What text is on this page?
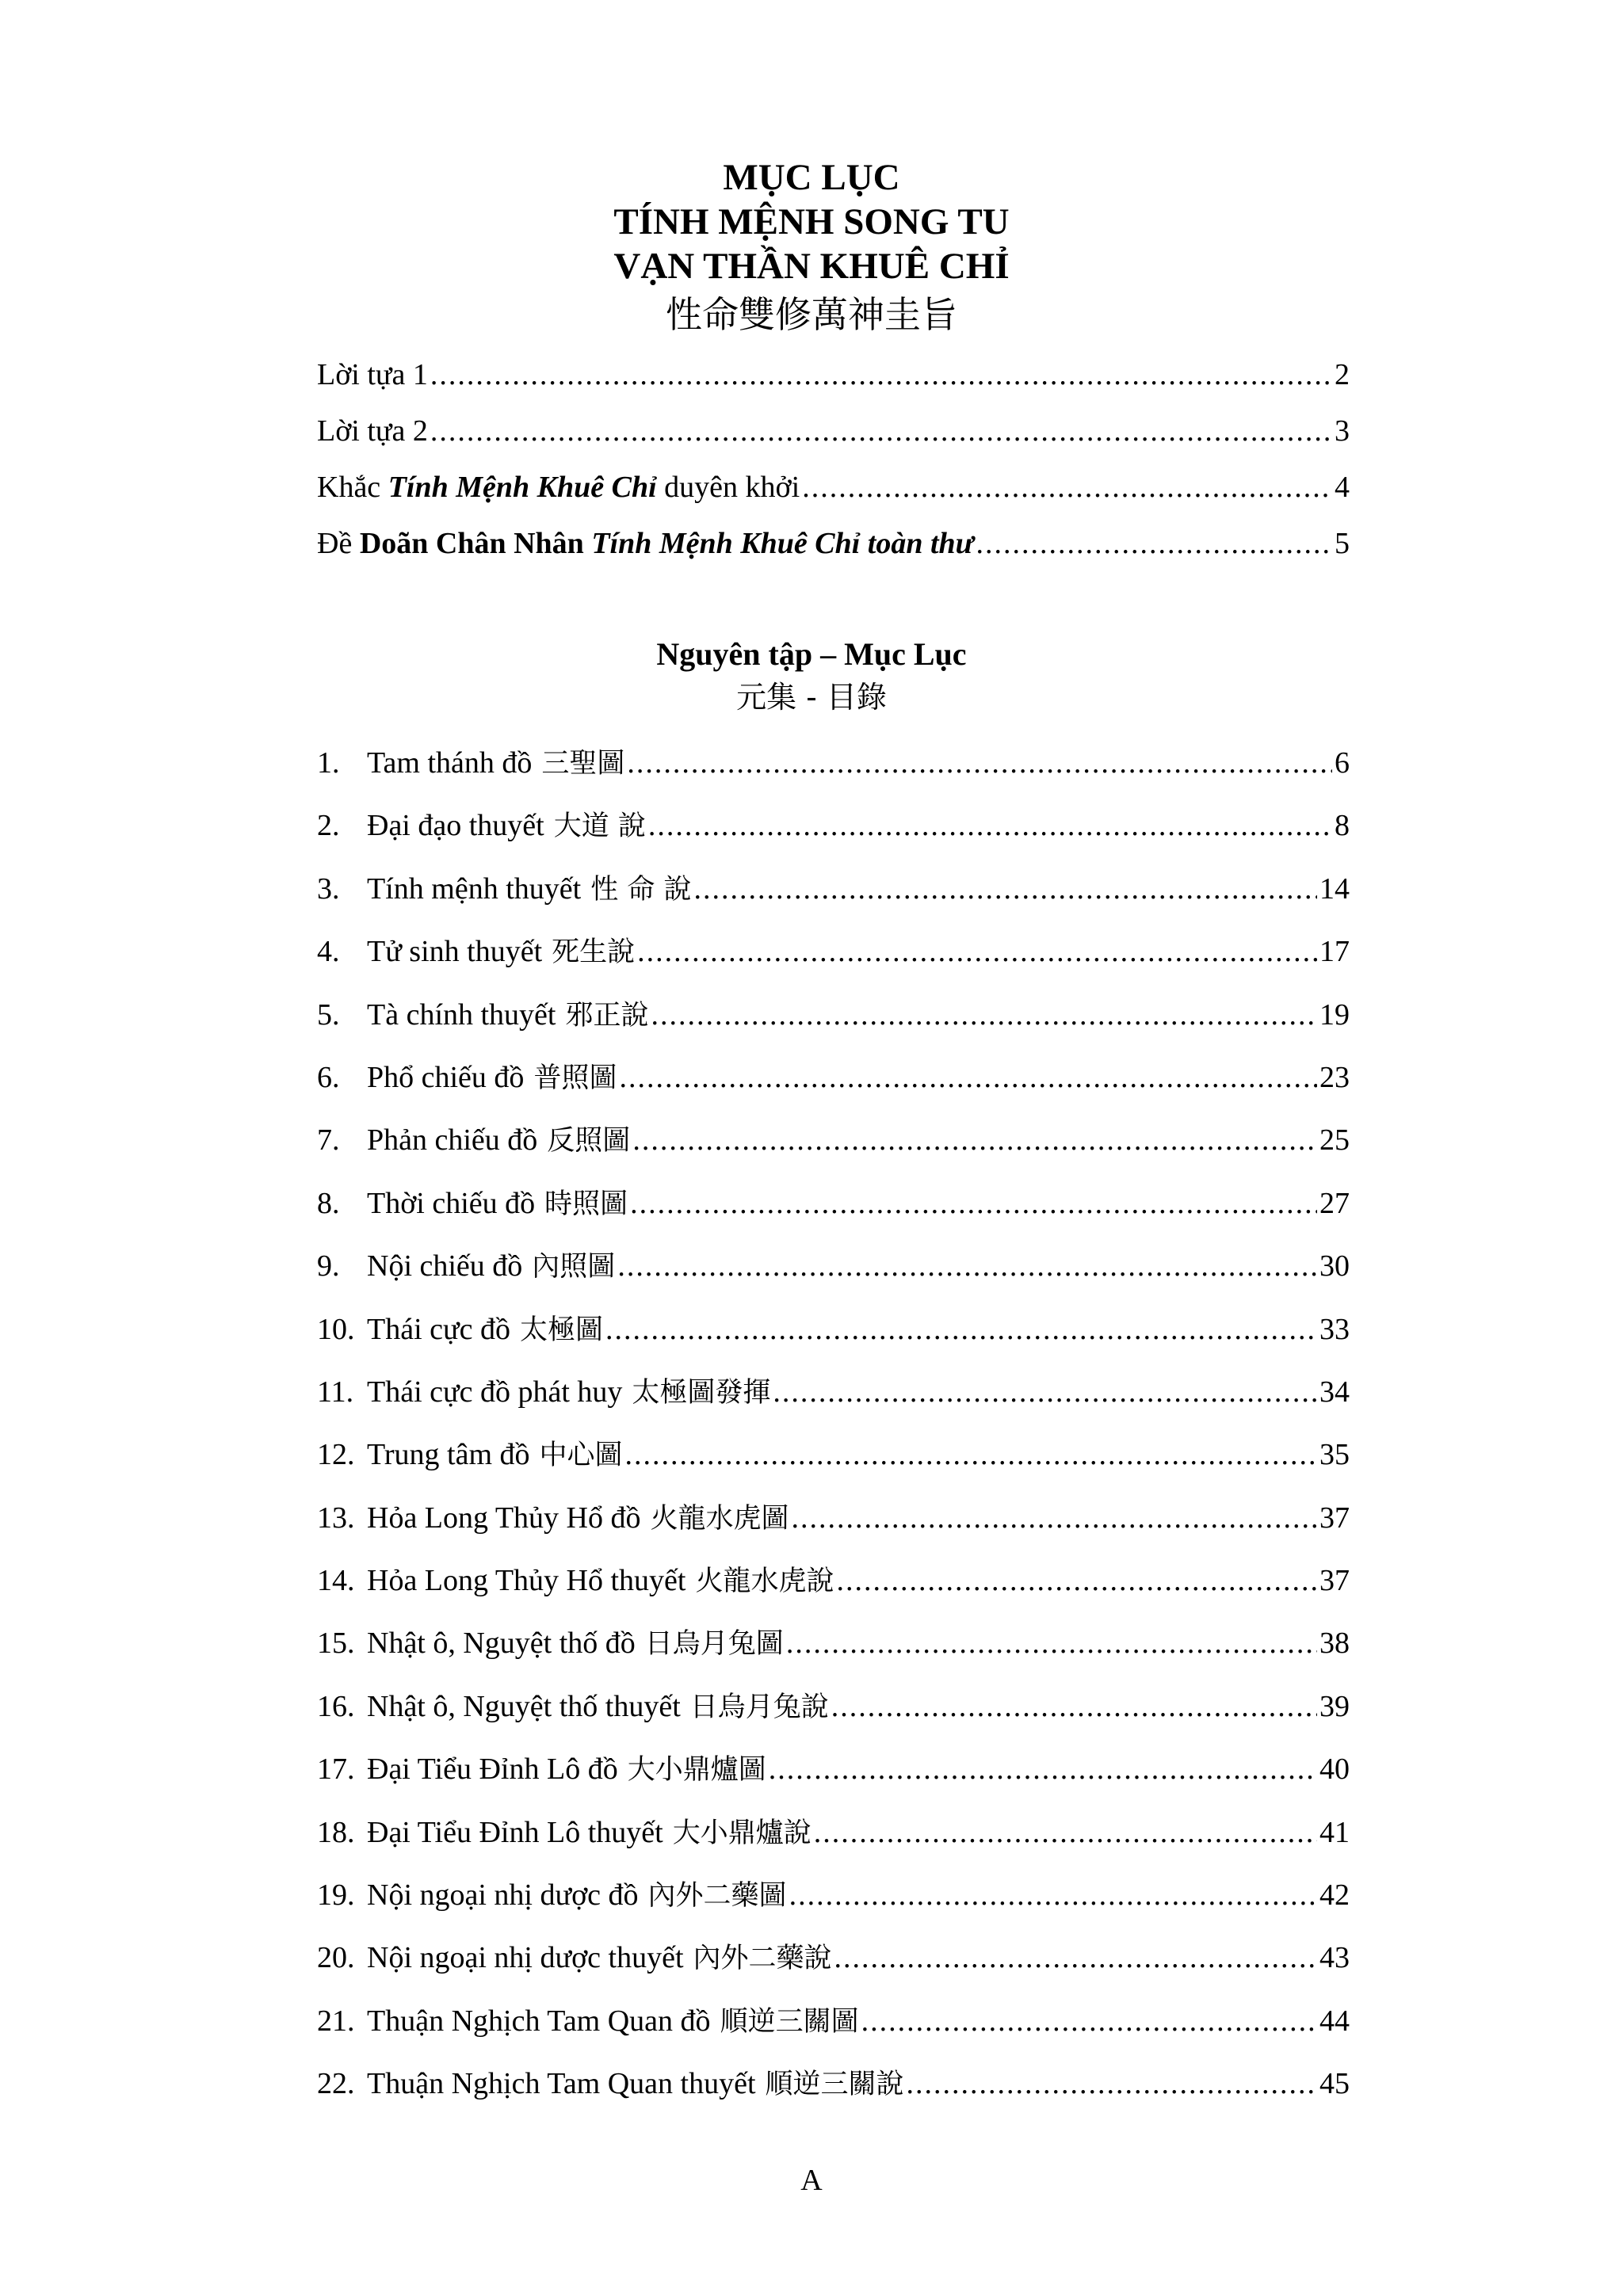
MỤC LỤC
TÍNH MỆNH SONG TU
VẠN THẦN KHUÊ CHỈ
性命雙修萬神圭旨
Lời tựa 1 .....	2
Lời tựa 2 .....	3
Khắc Tính Mệnh Khuê Chỉ duyên khởi .....	4
Đề Doãn Chân Nhân Tính Mệnh Khuê Chỉ toàn thư .....	5
Nguyên tập – Mục Lục
元集 - 目錄
1. Tam thánh đồ 三聖圖 .....	6
2. Đại đạo thuyết 大道 說 .....	8
3. Tính mệnh thuyết 性 命 說 .....	14
4. Tử sinh thuyết 死生說 .....	17
5. Tà chính thuyết 邪正說 .....	19
6. Phổ chiếu đồ 普照圖 .....	23
7. Phản chiếu đồ 反照圖 .....	25
8. Thời chiếu đồ 時照圖 .....	27
9. Nội chiếu đồ 內照圖 .....	30
10. Thái cực đồ 太極圖 .....	33
11. Thái cực đồ phát huy 太極圖發揮 .....	34
12. Trung tâm đồ 中心圖 .....	35
13. Hỏa Long Thủy Hổ đồ 火龍水虎圖 .....	37
14. Hỏa Long Thủy Hổ thuyết 火龍水虎說 .....	37
15. Nhật ô, Nguyệt thố đồ 日烏月兔圖 .....	38
16. Nhật ô, Nguyệt thố thuyết 日烏月兔說 .....	39
17. Đại Tiểu Đỉnh Lô đồ 大小鼎爐圖 .....	40
18. Đại Tiểu Đỉnh Lô thuyết 大小鼎爐說 .....	41
19. Nội ngoại nhị dược đồ 內外二藥圖 .....	42
20. Nội ngoại nhị dược thuyết 內外二藥說 .....	43
21. Thuận Nghịch Tam Quan đồ 順逆三關圖 .....	44
22. Thuận Nghịch Tam Quan thuyết 順逆三關說 .....	45
A
